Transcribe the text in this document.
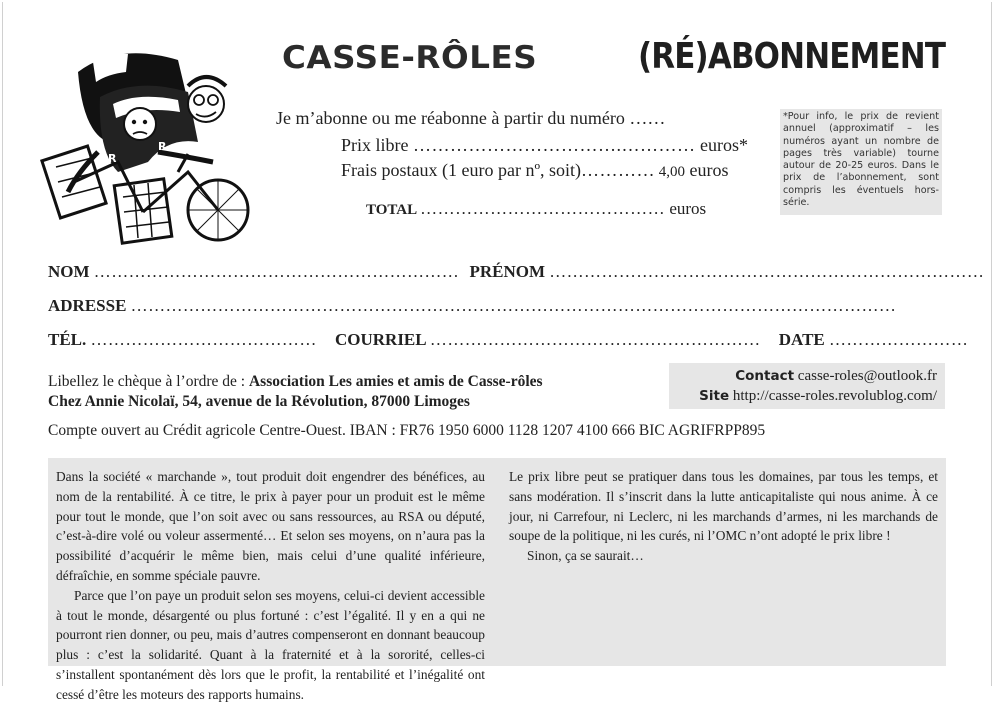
R
R
CASSE-RÔLES	(RÉ)ABONNEMENT
Je m’abonne ou me réabonne à partir du numéro ……
Prix libre …………………………….………… euros*
Frais postaux (1 euro par nº, soit)………… 4,00 euros
TOTAL …………………………………… euros
*Pour info, le prix de revient annuel (approximatif – les numéros ayant un nombre de pages très variable) tourne autour de 20-25 euros. Dans le prix de l’abonnement, sont compris les éventuels hors-série.
NOM ……………………………………………………… PRÉNOM …………………………………………………………………
ADRESSE ……………………………………………………………………………………………………………………
TÉL. ………………………………… COURRIEL ………………………………………………… DATE ……………………
Libellez le chèque à l’ordre de : Association Les amies et amis de Casse-rôles
Chez Annie Nicolaï, 54, avenue de la Révolution, 87000 Limoges
Contact casse-roles@outlook.fr
Site http://casse-roles.revolublog.com/
Compte ouvert au Crédit agricole Centre-Ouest. IBAN : FR76 1950 6000 1128 1207 4100 666 BIC AGRIFRPP895

Dans la société « marchande », tout produit doit engendrer des bénéfices, au nom de la rentabilité. À ce titre, le prix à payer pour un produit est le même pour tout le monde, que l’on soit avec ou sans ressources, au RSA ou député, c’est-à-dire volé ou voleur assermenté… Et selon ses moyens, on n’aura pas la possibilité d’acquérir le même bien, mais celui d’une qualité inférieure, défraîchie, en somme spéciale pauvre.

Parce que l’on paye un produit selon ses moyens, celui-ci devient accessible à tout le monde, désargenté ou plus fortuné : c’est l’égalité. Il y en a qui ne pourront rien donner, ou peu, mais d’autres compenseront en donnant beaucoup plus : c’est la solidarité. Quant à la fraternité et à la sororité, celles-ci s’installent spontanément dès lors que le profit, la rentabilité et l’inégalité ont cessé d’être les moteurs des rapports humains.

Le prix libre peut se pratiquer dans tous les domaines, par tous les temps, et sans modération. Il s’inscrit dans la lutte anticapitaliste qui nous anime. À ce jour, ni Carrefour, ni Leclerc, ni les marchands d’armes, ni les marchands de soupe de la politique, ni les curés, ni l’OMC n’ont adopté le prix libre !

Sinon, ça se saurait…
